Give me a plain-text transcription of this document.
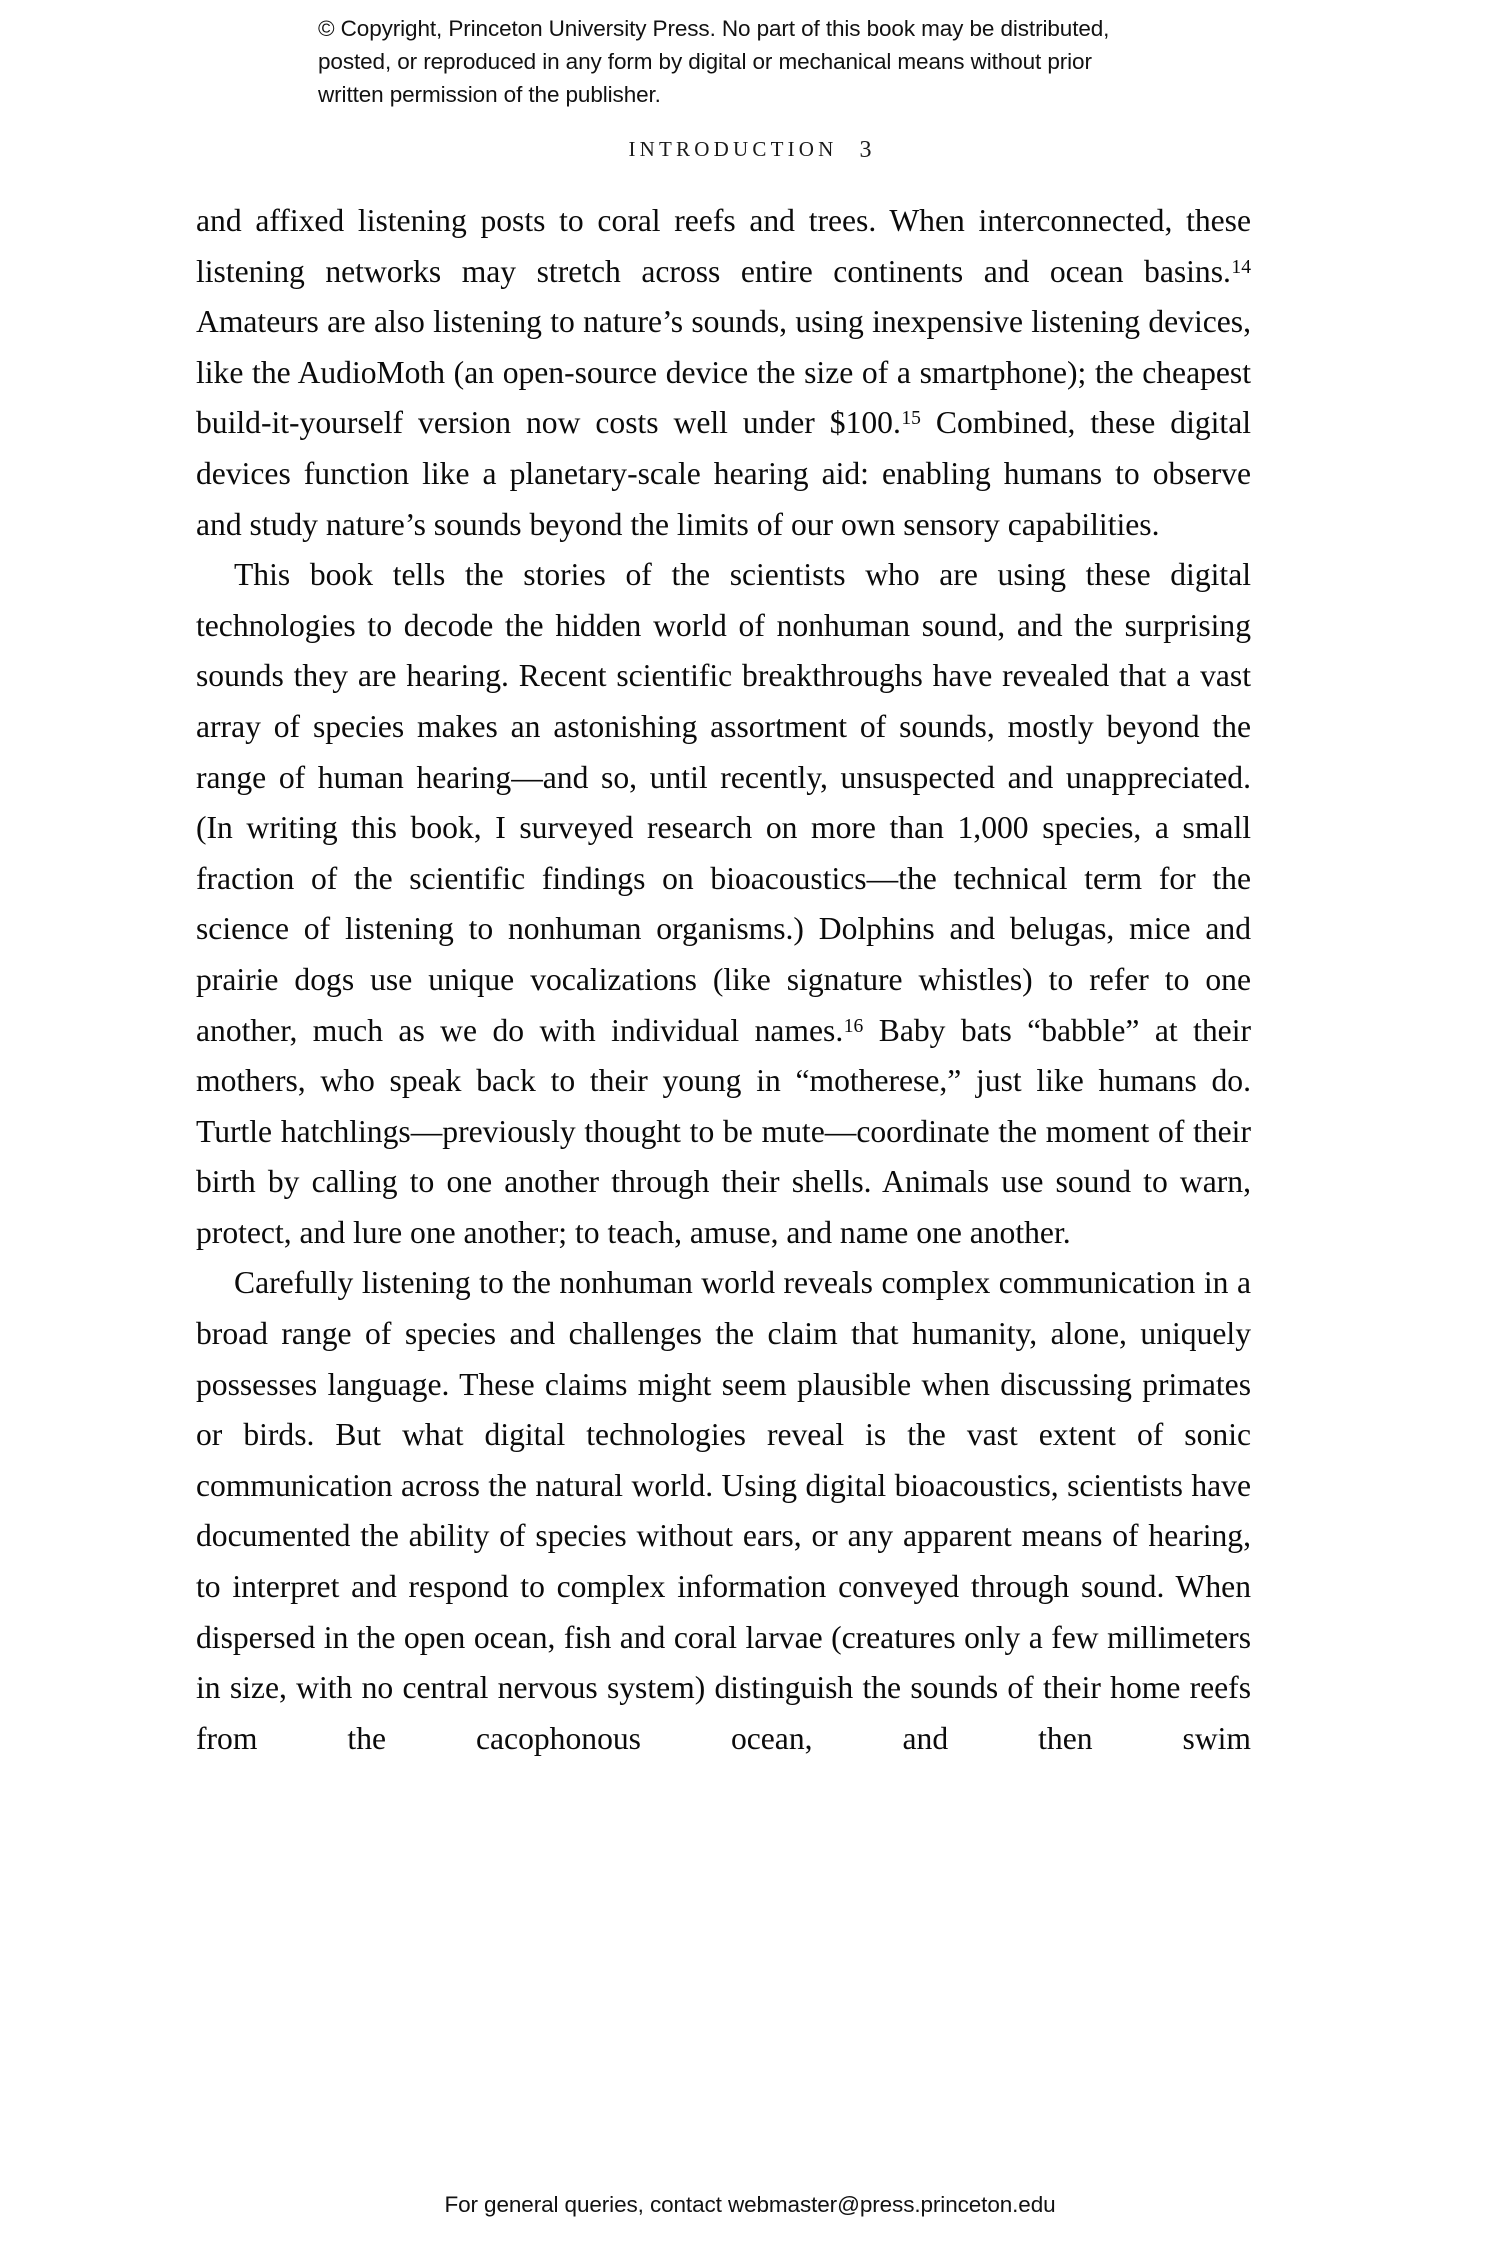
© Copyright, Princeton University Press. No part of this book may be distributed, posted, or reproduced in any form by digital or mechanical means without prior written permission of the publisher.
INTRODUCTION 3

and affixed listening posts to coral reefs and trees. When interconnected, these listening networks may stretch across entire continents and ocean basins.$^{14}$ Amateurs are also listening to nature’s sounds, using inexpensive listening devices, like the AudioMoth (an open-source device the size of a smartphone); the cheapest build-it-yourself version now costs well under $100.15 Combined, these digital devices function like a planetary-scale hearing aid: enabling humans to observe and study nature’s sounds beyond the limits of our own sensory capabilities.

This book tells the stories of the scientists who are using these digital technologies to decode the hidden world of nonhuman sound, and the surprising sounds they are hearing. Recent scientific breakthroughs have revealed that a vast array of species makes an astonishing assortment of sounds, mostly beyond the range of human hearing—and so, until recently, unsuspected and unappreciated. (In writing this book, I surveyed research on more than 1,000 species, a small fraction of the scientific findings on bioacoustics—the technical term for the science of listening to nonhuman organisms.) Dolphins and belugas, mice and prairie dogs use unique vocalizations (like signature whistles) to refer to one another, much as we do with individual names.$^{16}$ Baby bats “babble” at their mothers, who speak back to their young in “motherese,” just like humans do. Turtle hatchlings—previously thought to be mute—coordinate the moment of their birth by calling to one another through their shells. Animals use sound to warn, protect, and lure one another; to teach, amuse, and name one another.

Carefully listening to the nonhuman world reveals complex communication in a broad range of species and challenges the claim that humanity, alone, uniquely possesses language. These claims might seem plausible when discussing primates or birds. But what digital technologies reveal is the vast extent of sonic communication across the natural world. Using digital bioacoustics, scientists have documented the ability of species without ears, or any apparent means of hearing, to interpret and respond to complex information conveyed through sound. When dispersed in the open ocean, fish and coral larvae (creatures only a few millimeters in size, with no central nervous system) distinguish the sounds of their home reefs from the cacophonous ocean, and then swim

For general queries, contact webmaster@press.princeton.edu
